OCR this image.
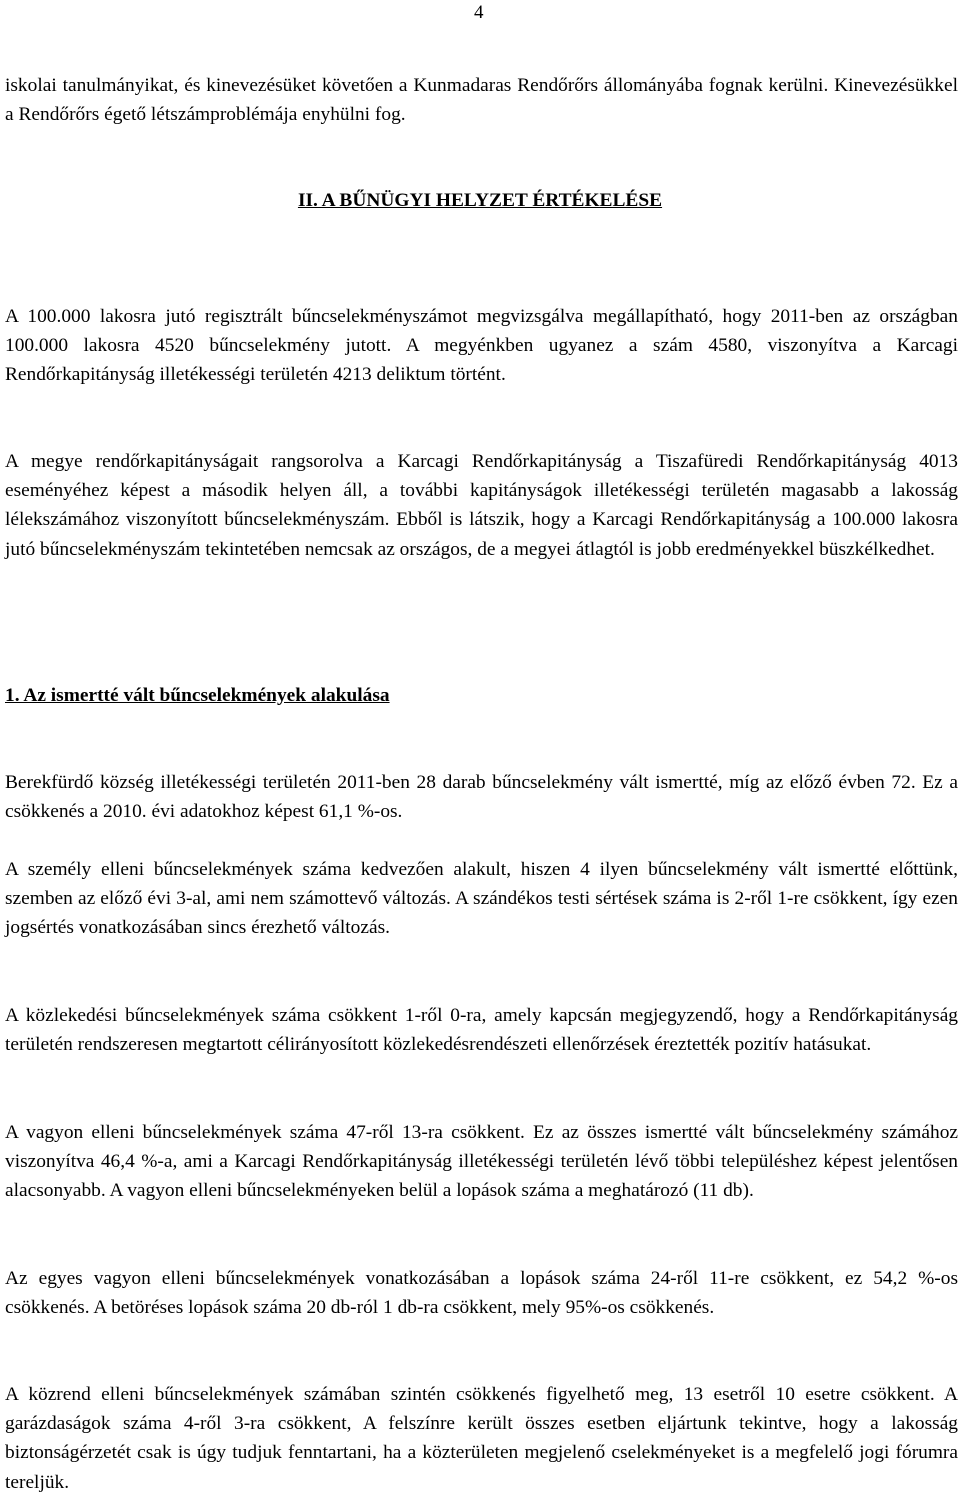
4

iskolai tanulmányikat, és kinevezésüket követően a Kunmadaras Rendőrőrs állományába fognak kerülni. Kinevezésükkel a Rendőrőrs égető létszámproblémája enyhülni fog.

II. A BŰNÜGYI HELYZET ÉRTÉKELÉSE

A 100.000 lakosra jutó regisztrált bűncselekményszámot megvizsgálva megállapítható, hogy 2011-ben az országban 100.000 lakosra 4520 bűncselekmény jutott. A megyénkben ugyanez a szám 4580, viszonyítva a Karcagi Rendőrkapitányság illetékességi területén 4213 deliktum történt.

A megye rendőrkapitányságait rangsorolva a Karcagi Rendőrkapitányság a Tiszafüredi Rendőrkapitányság 4013 eseményéhez képest a második helyen áll, a további kapitányságok illetékességi területén magasabb a lakosság lélekszámához viszonyított bűncselekményszám. Ebből is látszik, hogy a Karcagi Rendőrkapitányság a 100.000 lakosra jutó bűncselekményszám tekintetében nemcsak az országos, de a megyei átlagtól is jobb eredményekkel büszkélkedhet.

1. Az ismertté vált bűncselekmények alakulása

Berekfürdő község illetékességi területén 2011-ben 28 darab bűncselekmény vált ismertté, míg az előző évben 72. Ez a csökkenés a 2010. évi adatokhoz képest 61,1 %-os.

A személy elleni bűncselekmények száma kedvezően alakult, hiszen 4 ilyen bűncselekmény vált ismertté előttünk, szemben az előző évi 3-al, ami nem számottevő változás. A szándékos testi sértések száma is 2-ről 1-re csökkent, így ezen jogsértés vonatkozásában sincs érezhető változás.

A közlekedési bűncselekmények száma csökkent 1-ről 0-ra, amely kapcsán megjegyzendő, hogy a Rendőrkapitányság területén rendszeresen megtartott célirányosított közlekedésrendészeti ellenőrzések éreztették pozitív hatásukat.

A vagyon elleni bűncselekmények száma 47-ről 13-ra csökkent. Ez az összes ismertté vált bűncselekmény számához viszonyítva 46,4 %-a, ami a Karcagi Rendőrkapitányság illetékességi területén lévő többi településhez képest jelentősen alacsonyabb. A vagyon elleni bűncselekményeken belül a lopások száma a meghatározó (11 db).

Az egyes vagyon elleni bűncselekmények vonatkozásában a lopások száma 24-ről 11-re csökkent, ez 54,2 %-os csökkenés. A betöréses lopások száma 20 db-ról 1 db-ra csökkent, mely 95%-os csökkenés.

A közrend elleni bűncselekmények számában szintén csökkenés figyelhető meg, 13 esetről 10 esetre csökkent. A garázdaságok száma 4-ről 3-ra csökkent, A felszínre került összes esetben eljártunk tekintve, hogy a lakosság biztonságérzetét csak is úgy tudjuk fenntartani, ha a közterületen megjelenő cselekményeket is a megfelelő jogi fórumra tereljük.
